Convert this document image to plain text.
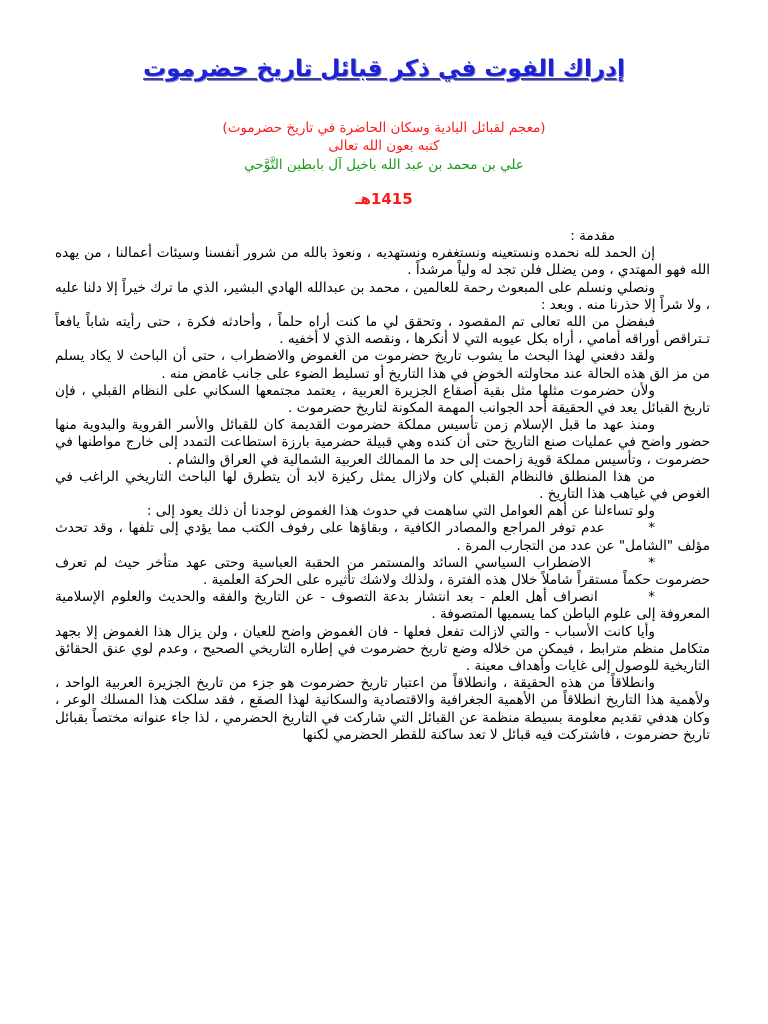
إدراك الفوت في ذكر قبائل تاريخ حضرموت
(معجم لقبائل البادية وسكان الحاضرة في تاريخ حضرموت)
كتبه بعون الله تعالى
علي بن محمد بن عبد الله باخيل آل بابطين التَّوَّحي
1415هـ

مقدمة :

إن الحمد لله نحمده ونستعينه ونستغفره ونستهديه ، ونعوذ بالله من شرور أنفسنا وسيئات أعمالنا ، من يهده الله فهو المهتدي ، ومن يضلل فلن تجد له ولياً مرشداً .

ونصلي ونسلم على المبعوث رحمة للعالمين ، محمد بن عبدالله الهادي البشير، الذي ما ترك خيراً إلا دلنا عليه ، ولا شراً إلا حذرنا منه . وبعد :

فبفضل من الله تعالى تم المقصود ، وتحقق لي ما كنت أراه حلماً ، وأحادثه فكرة ، حتى رأيته شاباً يافعاً تـتراقص أوراقه أمامي ، أراه بكل عيوبه التي لا أنكرها ، ونقصه الذي لا أخفيه .

ولقد دفعني لهذا البحث ما يشوب تاريخ حضرموت من الغموض والاضطراب ، حتى أن الباحث لا يكاد يسلم من مز الق هذه الحالة عند محاولته الخوض في هذا التاريخ أو تسليط الضوء على جانب غامض منه .

ولأن حضرموت مثلها مثل بقية أصقاع الجزيرة العربية ، يعتمد مجتمعها السكاني على النظام القبلي ، فإن تاريخ القبائل يعد في الحقيقة أحد الجوانب المهمة المكونة لتاريخ حضرموت .

ومنذ عهد ما قبل الإسلام زمن تأسيس مملكة حضرموت القديمة كان للقبائل والأسر القروية والبدوية منها حضور واضح في عمليات صنع التاريخ حتى أن كنده وهي قبيلة حضرمية بارزة استطاعت التمدد إلى خارج مواطنها في حضرموت ، وتأسيس مملكة قوية زاحمت إلى حد ما الممالك العربية الشمالية في العراق والشام .

من هذا المنطلق فالنظام القبلي كان ولازال يمثل ركيزة لابد أن يتطرق لها الباحث التاريخي الراغب في الغوص في غياهب هذا التاريخ .

ولو تساءلنا عن أهم العوامل التي ساهمت في حدوث هذا الغموض لوجدنا أن ذلك يعود إلى :

*        عدم توفر المراجع والمصادر الكافية ، وبقاؤها على رفوف الكتب مما يؤدي إلى تلفها ، وقد تحدث مؤلف "الشامل" عن عدد من التجارب المرة .

*        الاضطراب السياسي السائد والمستمر من الحقبة العباسية وحتى عهد متأخر حيث لم تعرف حضرموت حكماً مستقراً شاملاً خلال هذه الفترة ، ولذلك ولاشك تأثيره على الحركة العلمية .

*        انصراف أهل العلم - بعد انتشار بدعة التصوف - عن التاريخ والفقه والحديث والعلوم الإسلامية المعروفة إلى علوم الباطن كما يسميها المتصوفة .

وأيا كانت الأسباب - والتي لازالت تفعل فعلها - فان الغموض واضح للعيان ، ولن يزال هذا الغموض إلا بجهد متكامل منظم مترابط ، فيمكن من خلاله وضع تاريخ حضرموت في إطاره التاريخي الصحيح ، وعدم لوي عنق الحقائق التاريخية للوصول إلى غايات وأهداف معينة .

وانطلاقاً من هذه الحقيقة ، وانطلاقاً من اعتبار تاريخ حضرموت هو جزء من تاريخ الجزيرة العربية الواحد ، ولأهمية هذا التاريخ انطلاقاً من الأهمية الجغرافية والاقتصادية والسكانية لهذا الصقع ، فقد سلكت هذا المسلك الوعر ، وكان هدفي تقديم معلومة بسيطة منظمة عن القبائل التي شاركت في التاريخ الحضرمي ، لذا جاء عنوانه مختصاً بقبائل تاريخ حضرموت ، فاشتركت فيه قبائل لا تعد ساكنة للقطر الحضرمي لكنها
